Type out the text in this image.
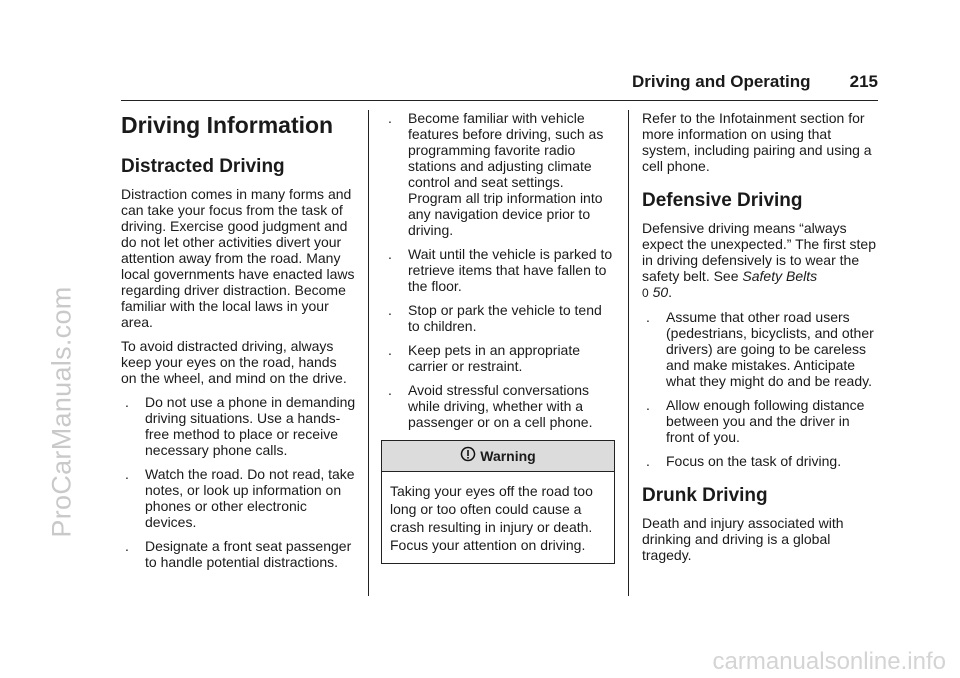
ProCarManuals.com
carmanualsonline.info
Driving and Operating 215
Driving Information
Distracted Driving

Distraction comes in many forms and can take your focus from the task of driving. Exercise good judgment and do not let other activities divert your attention away from the road. Many local governments have enacted laws regarding driver distraction. Become familiar with the local laws in your area.

To avoid distracted driving, always keep your eyes on the road, hands on the wheel, and mind on the drive.

. Do not use a phone in demanding driving situations. Use a hands-free method to place or receive necessary phone calls.
. Watch the road. Do not read, take notes, or look up information on phones or other electronic devices.
. Designate a front seat passenger to handle potential distractions.
. Become familiar with vehicle features before driving, such as programming favorite radio stations and adjusting climate control and seat settings. Program all trip information into any navigation device prior to driving.
. Wait until the vehicle is parked to retrieve items that have fallen to the floor.
. Stop or park the vehicle to tend to children.
. Keep pets in an appropriate carrier or restraint.
. Avoid stressful conversations while driving, whether with a passenger or on a cell phone.
Warning
Taking your eyes off the road too long or too often could cause a crash resulting in injury or death. Focus your attention on driving.

Refer to the Infotainment section for more information on using that system, including pairing and using a cell phone.

Defensive Driving

Defensive driving means “always expect the unexpected.” The first step in driving defensively is to wear the safety belt. See Safety Belts
0 50.

. Assume that other road users (pedestrians, bicyclists, and other drivers) are going to be careless and make mistakes. Anticipate what they might do and be ready.
. Allow enough following distance between you and the driver in front of you.
. Focus on the task of driving.
Drunk Driving

Death and injury associated with drinking and driving is a global tragedy.
